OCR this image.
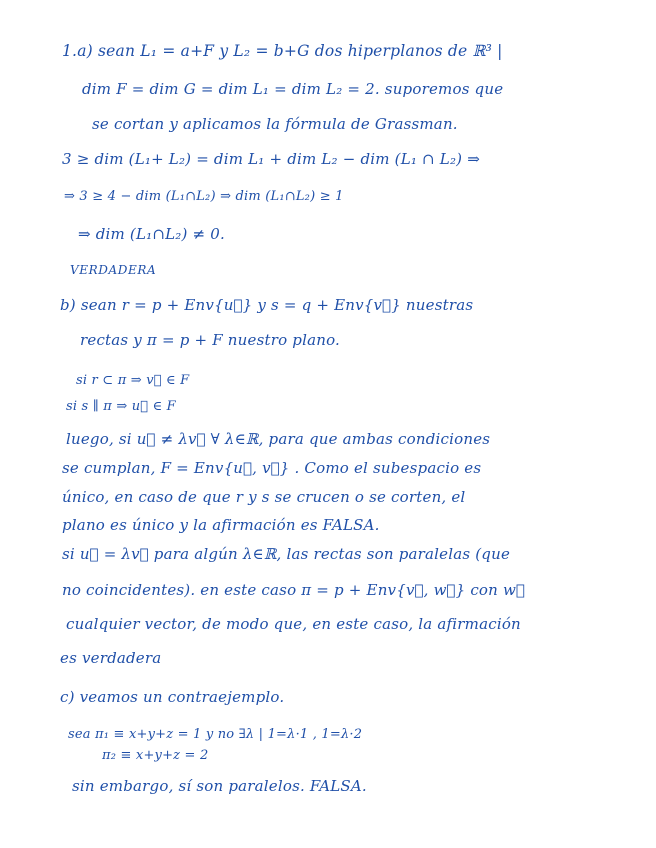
1.a) sean L₁ = a+F y L₂ = b+G dos hiperplanos de ℝ³ |
dim F = dim G = dim L₁ = dim L₂ = 2. suporemos que
se cortan y aplicamos la fórmula de Grassman.
3 ≥ dim (L₁+ L₂) = dim L₁ + dim L₂ − dim (L₁ ∩ L₂) ⇒
⇒ 3 ≥ 4 − dim (L₁∩L₂) ⇒ dim (L₁∩L₂) ≥ 1
⇒ dim (L₁∩L₂) ≠ 0.
VERDADERA
b) sean r = p + Env{u⃗} y s = q + Env{v⃗} nuestras
rectas y π = p + F nuestro plano.
si r ⊂ π ⇒ v⃗ ∈ F
si s ∥ π ⇒ u⃗ ∈ F
luego, si u⃗ ≠ λv⃗ ∀ λ∈ℝ, para que ambas condiciones
se cumplan, F = Env{u⃗, v⃗} . Como el subespacio es
único, en caso de que r y s se crucen o se corten, el
plano es único y la afirmación es FALSA.
si u⃗ = λv⃗ para algún λ∈ℝ, las rectas son paralelas (que
no coincidentes). en este caso π = p + Env{v⃗, w⃗} con w⃗
cualquier vector, de modo que, en este caso, la afirmación
es verdadera
c) veamos un contraejemplo.
sea π₁ ≡ x+y+z = 1 y no ∃λ | 1=λ·1 , 1=λ·2
π₂ ≡ x+y+z = 2
sin embargo, sí son paralelos. FALSA.
